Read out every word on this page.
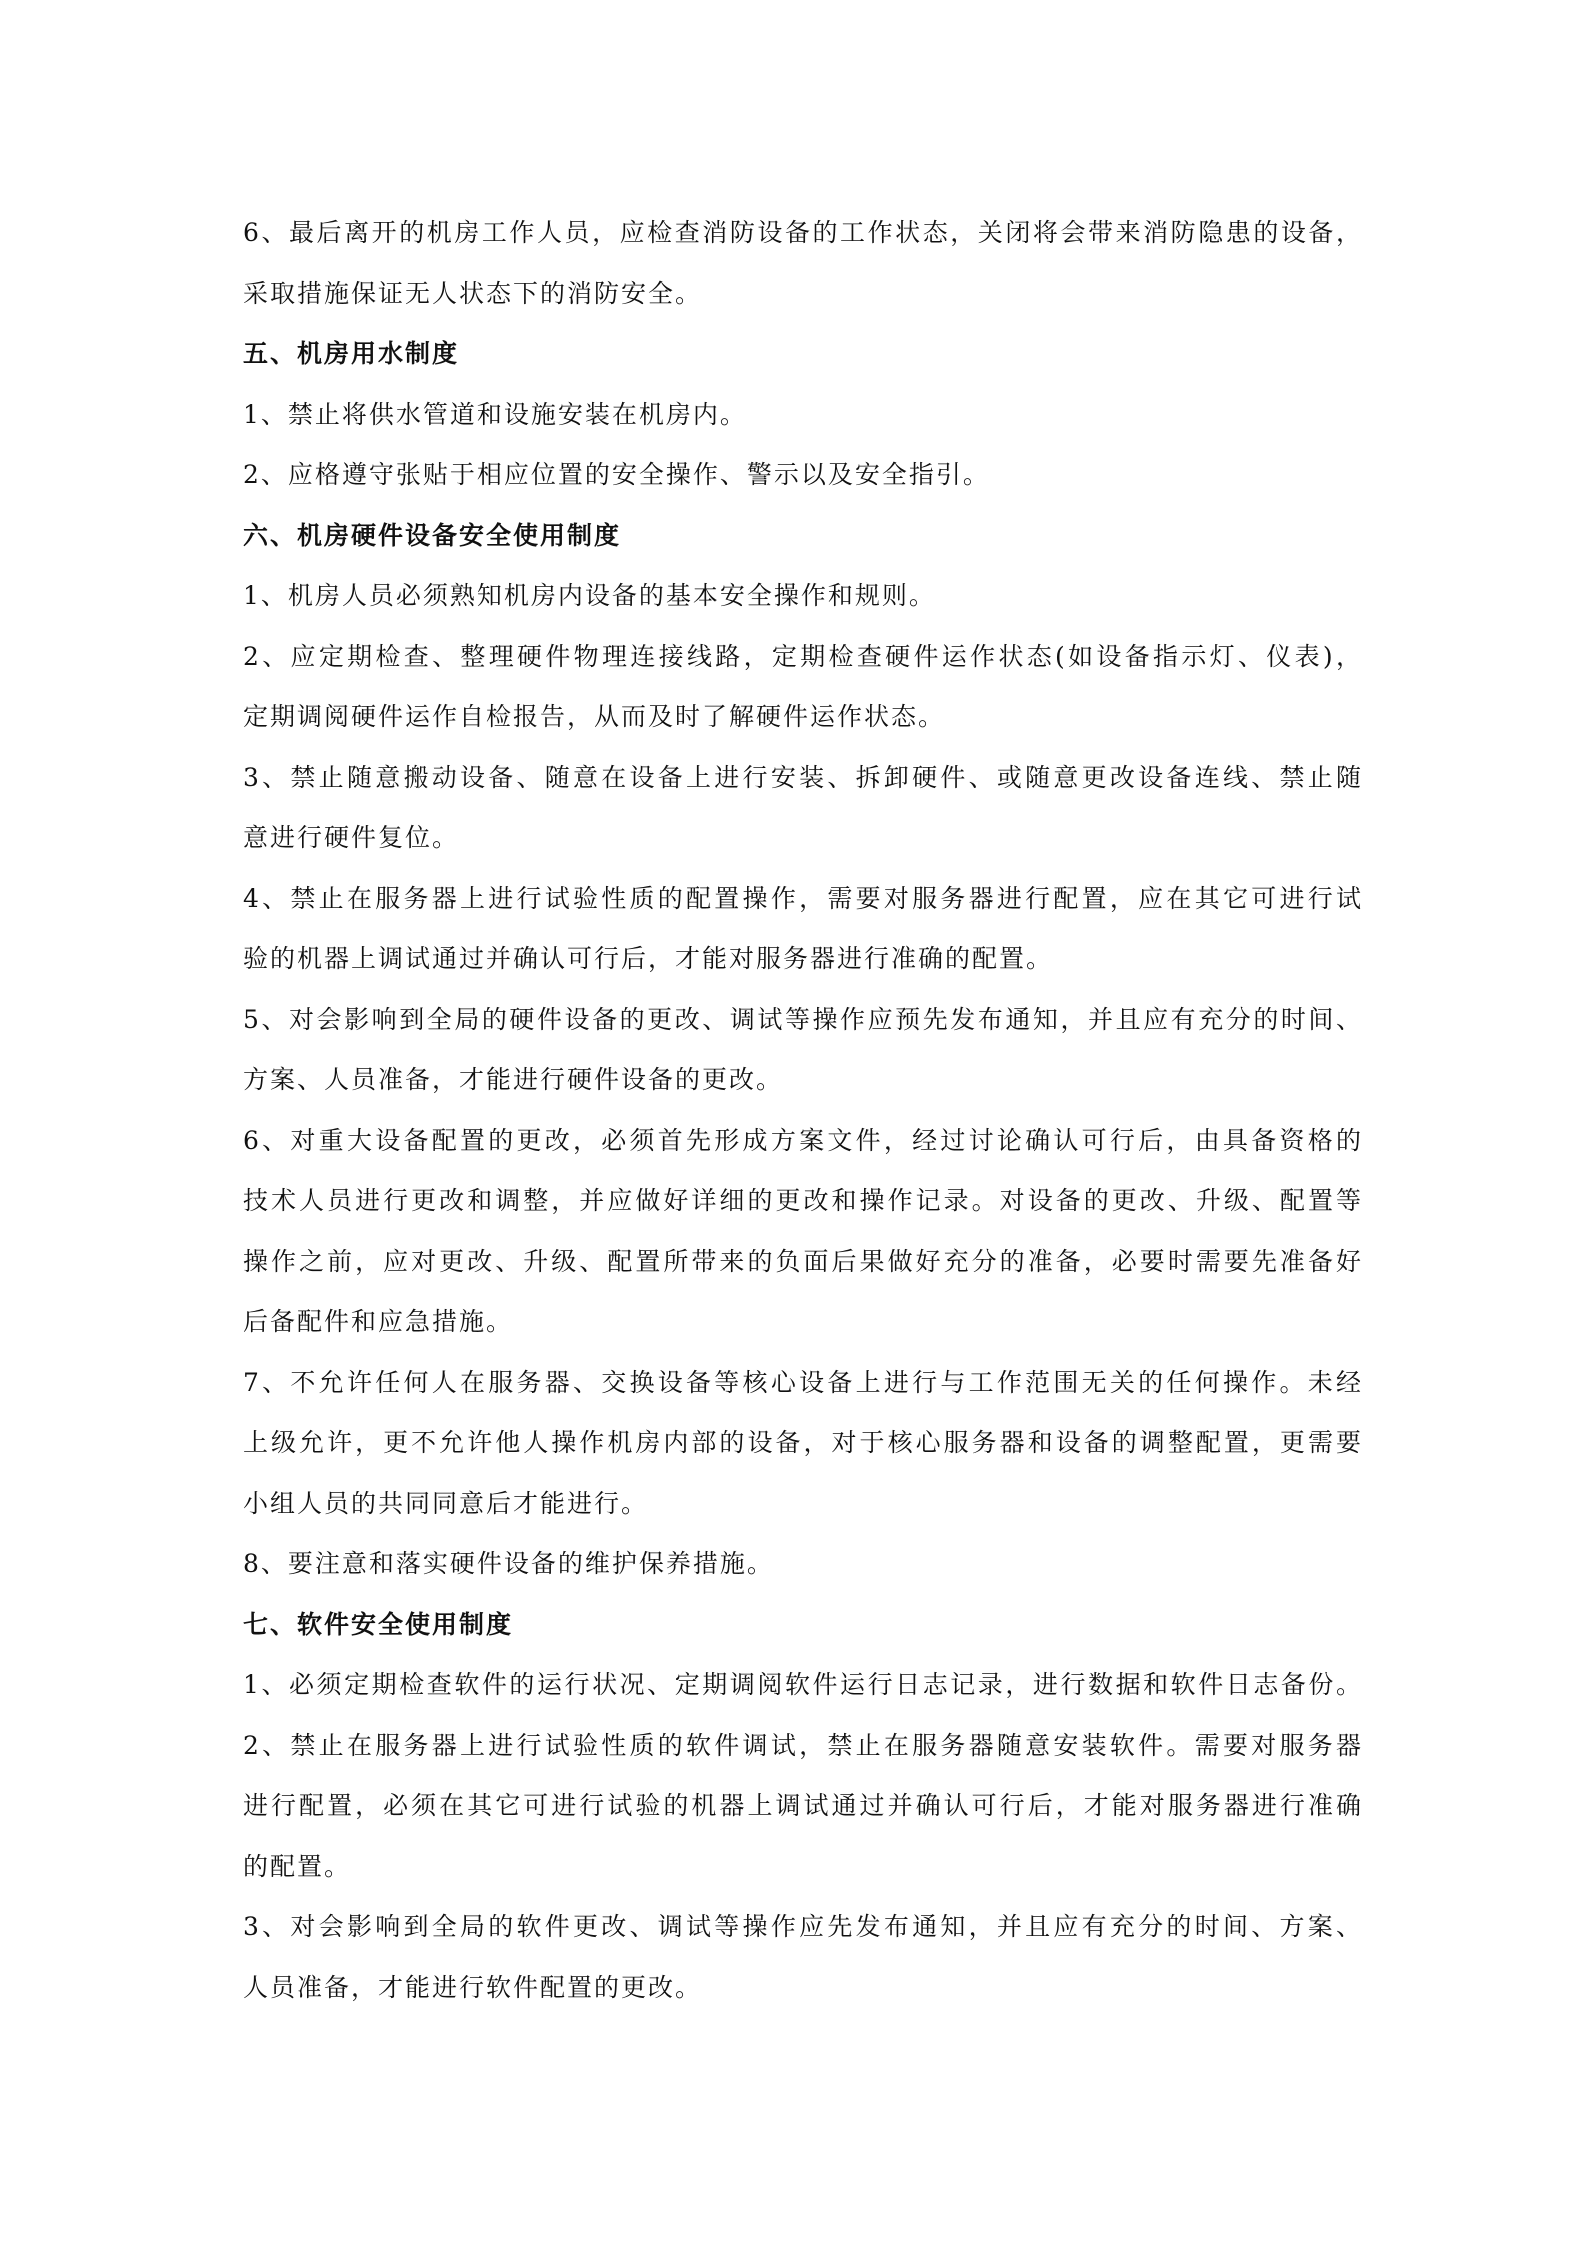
6、最后离开的机房工作人员，应检查消防设备的工作状态，关闭将会带来消防隐患的设备，
采取措施保证无人状态下的消防安全。
五、机房用水制度
1、禁止将供水管道和设施安装在机房内。
2、应格遵守张贴于相应位置的安全操作、警示以及安全指引。
六、机房硬件设备安全使用制度
1、机房人员必须熟知机房内设备的基本安全操作和规则。
2、应定期检查、整理硬件物理连接线路，定期检查硬件运作状态(如设备指示灯、仪表)，
定期调阅硬件运作自检报告，从而及时了解硬件运作状态。
3、禁止随意搬动设备、随意在设备上进行安装、拆卸硬件、或随意更改设备连线、禁止随
意进行硬件复位。
4、禁止在服务器上进行试验性质的配置操作，需要对服务器进行配置，应在其它可进行试
验的机器上调试通过并确认可行后，才能对服务器进行准确的配置。
5、对会影响到全局的硬件设备的更改、调试等操作应预先发布通知，并且应有充分的时间、
方案、人员准备，才能进行硬件设备的更改。
6、对重大设备配置的更改，必须首先形成方案文件，经过讨论确认可行后，由具备资格的
技术人员进行更改和调整，并应做好详细的更改和操作记录。对设备的更改、升级、配置等
操作之前，应对更改、升级、配置所带来的负面后果做好充分的准备，必要时需要先准备好
后备配件和应急措施。
7、不允许任何人在服务器、交换设备等核心设备上进行与工作范围无关的任何操作。未经
上级允许，更不允许他人操作机房内部的设备，对于核心服务器和设备的调整配置，更需要
小组人员的共同同意后才能进行。
8、要注意和落实硬件设备的维护保养措施。
七、软件安全使用制度
1、必须定期检查软件的运行状况、定期调阅软件运行日志记录，进行数据和软件日志备份。
2、禁止在服务器上进行试验性质的软件调试，禁止在服务器随意安装软件。需要对服务器
进行配置，必须在其它可进行试验的机器上调试通过并确认可行后，才能对服务器进行准确
的配置。
3、对会影响到全局的软件更改、调试等操作应先发布通知，并且应有充分的时间、方案、
人员准备，才能进行软件配置的更改。
